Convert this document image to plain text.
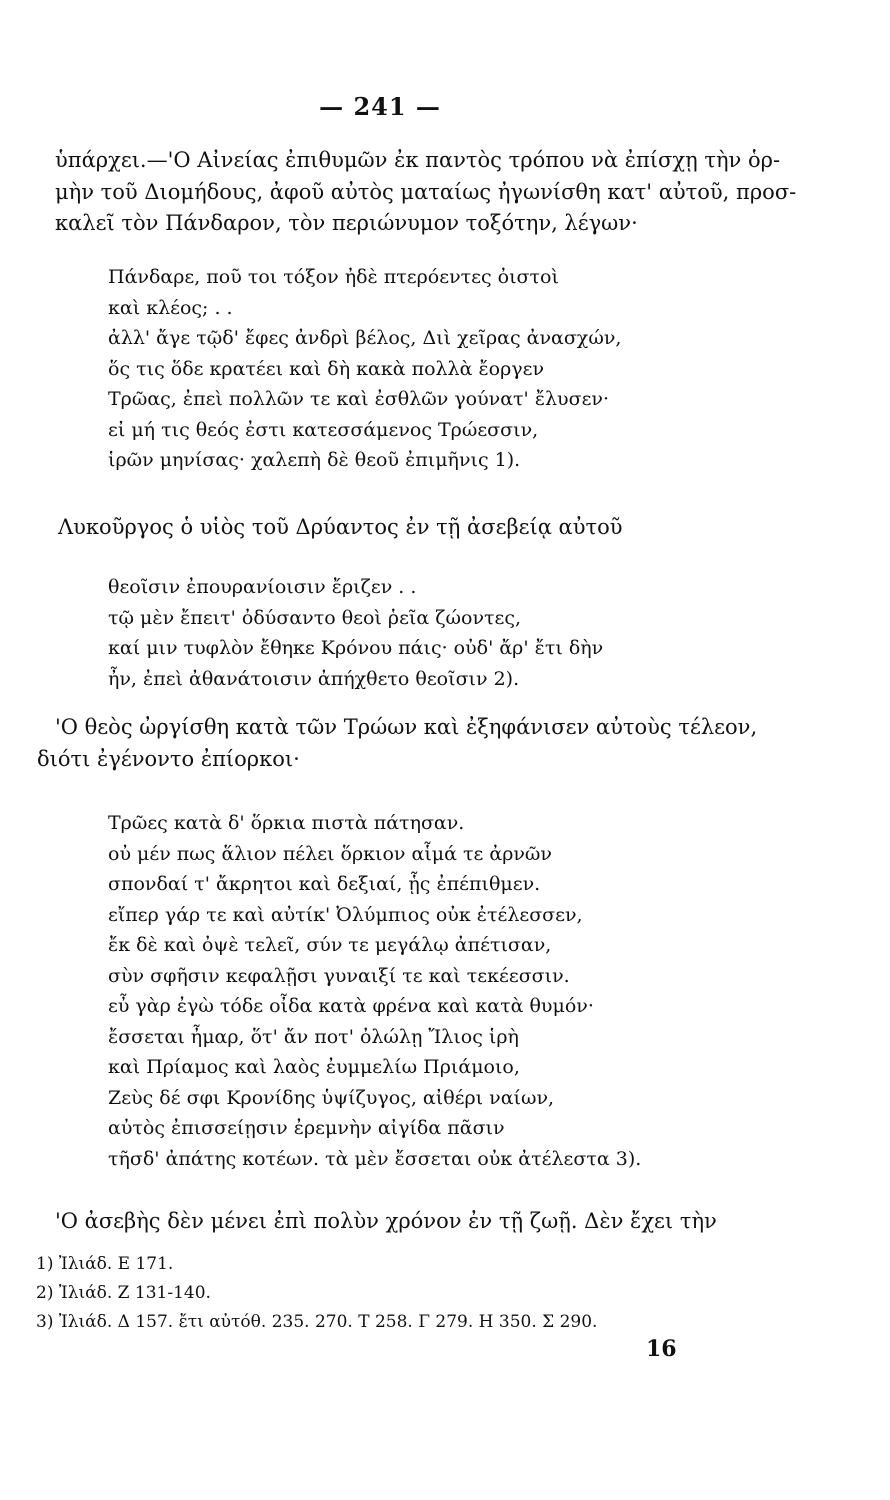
— 241 —
ὑπάρχει.—'Ο Αἰνείας ἐπιθυμῶν ἐκ παντὸς τρόπου νὰ ἐπίσχῃ τὴν ὁρ-
μὴν τοῦ Διομήδους, ἀφοῦ αὐτὸς ματαίως ἠγωνίσθη κατ' αὐτοῦ, προσ-
καλεῖ τὸν Πάνδαρον, τὸν περιώνυμον τοξότην, λέγων·
Πάνδαρε, ποῦ τοι τόξον ἠδὲ πτερόεντες ὀιστοὶ
καὶ κλέος; . .
ἀλλ' ἄγε τῷδ' ἔφες ἀνδρὶ βέλος, Διὶ χεῖρας ἀνασχών,
ὅς τις ὅδε κρατέει καὶ δὴ κακὰ πολλὰ ἔοργεν
Τρῶας, ἐπεὶ πολλῶν τε καὶ ἐσθλῶν γούνατ' ἔλυσεν·
εἰ μή τις θεός ἐστι κατεσσάμενος Τρώεσσιν,
ἱρῶν μηνίσας· χαλεπὴ δὲ θεοῦ ἐπιμῆνις 1).
Λυκοῦργος ὁ υἱὸς τοῦ Δρύαντος ἐν τῇ ἀσεβείᾳ αὐτοῦ
θεοῖσιν ἐπουρανίοισιν ἔριζεν . .
τῷ μὲν ἔπειτ' ὀδύσαντο θεοὶ ῥεῖα ζώοντες,
καί μιν τυφλὸν ἔθηκε Κρόνου πάις· οὐδ' ἄρ' ἔτι δὴν
ἦν, ἐπεὶ ἀθανάτοισιν ἀπήχθετο θεοῖσιν 2).
'Ο θεὸς ὠργίσθη κατὰ τῶν Τρώων καὶ ἐξηφάνισεν αὐτοὺς τέλεον,
διότι ἐγένοντο ἐπίορκοι·
Τρῶες κατὰ δ' ὅρκια πιστὰ πάτησαν.
οὐ μέν πως ἅλιον πέλει ὅρκιον αἷμά τε ἀρνῶν
σπονδαί τ' ἄκρητοι καὶ δεξιαί, ᾗς ἐπέπιθμεν.
εἴπερ γάρ τε καὶ αὐτίκ' Ὀλύμπιος οὐκ ἐτέλεσσεν,
ἔκ δὲ καὶ ὀψὲ τελεῖ, σύν τε μεγάλῳ ἀπέτισαν,
σὺν σφῆσιν κεφαλῇσι γυναιξί τε καὶ τεκέεσσιν.
εὖ γὰρ ἐγὼ τόδε οἶδα κατὰ φρένα καὶ κατὰ θυμόν·
ἔσσεται ἦμαρ, ὅτ' ἄν ποτ' ὀλώλῃ Ἴλιος ἱρὴ
καὶ Πρίαμος καὶ λαὸς ἐυμμελίω Πριάμοιο,
Ζεὺς δέ σφι Κρονίδης ὑψίζυγος, αἰθέρι ναίων,
αὐτὸς ἐπισσείῃσιν ἐρεμνὴν αἰγίδα πᾶσιν
τῆσδ' ἀπάτης κοτέων. τὰ μὲν ἔσσεται οὐκ ἀτέλεστα 3).
'Ο ἀσεβὴς δὲν μένει ἐπὶ πολὺν χρόνον ἐν τῇ ζωῇ. Δὲν ἔχει τὴν
1) Ἰλιάδ. Ε 171.
2) Ἰλιάδ. Ζ 131-140.
3) Ἰλιάδ. Δ 157. ἔτι αὐτόθ. 235. 270. Τ 258. Γ 279. Η 350. Σ 290.
16
